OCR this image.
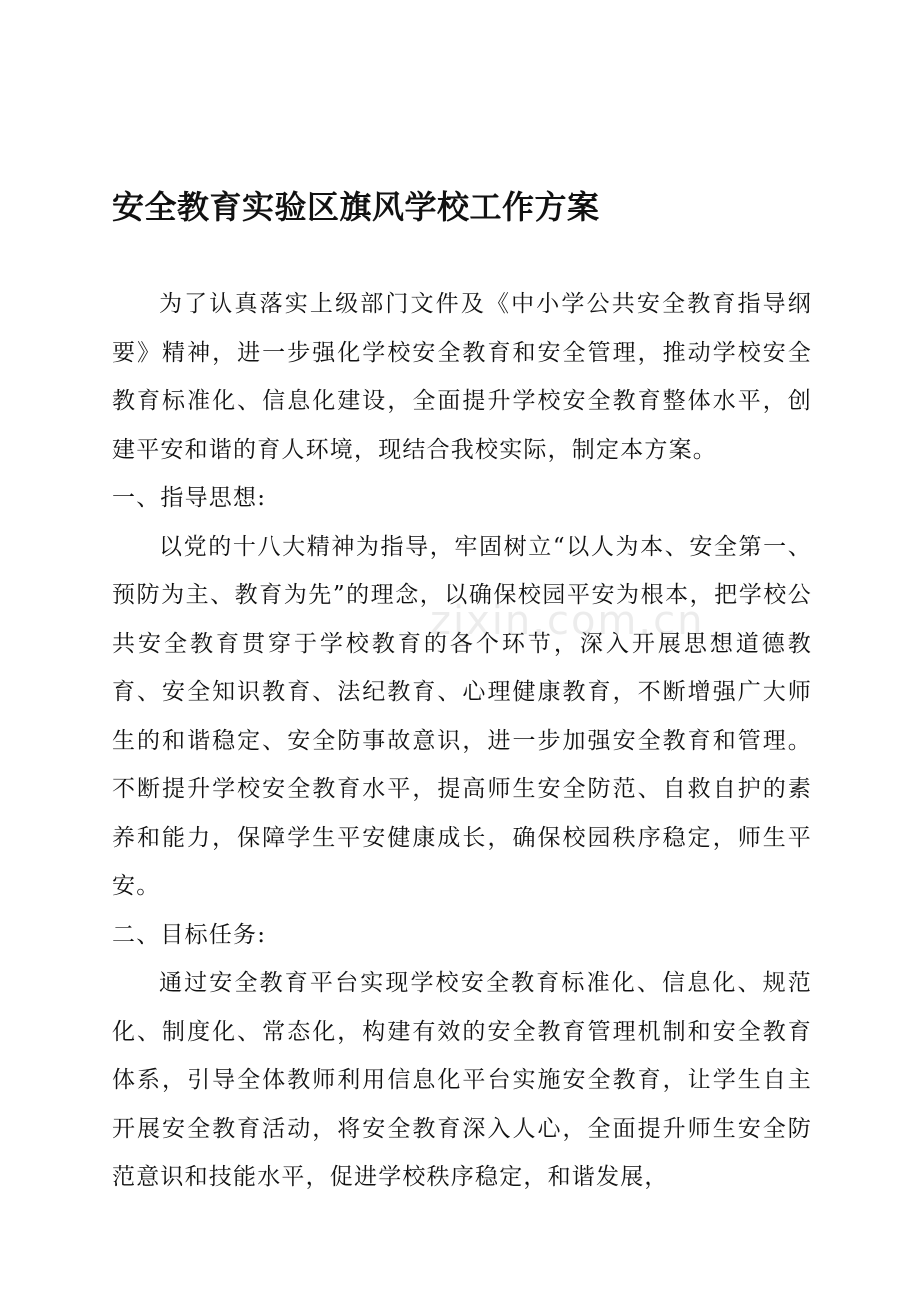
安全教育实验区旗风学校工作方案

为了认真落实上级部门文件及《中小学公共安全教育指导纲要》精神，进一步强化学校安全教育和安全管理，推动学校安全教育标准化、信息化建设，全面提升学校安全教育整体水平，创建平安和谐的育人环境，现结合我校实际，制定本方案。

一、指导思想:

以党的十八大精神为指导，牢固树立“以人为本、安全第一、预防为主、教育为先”的理念，以确保校园平安为根本，把学校公共安全教育贯穿于学校教育的各个环节，深入开展思想道德教育、安全知识教育、法纪教育、心理健康教育，不断增强广大师生的和谐稳定、安全防事故意识，进一步加强安全教育和管理。不断提升学校安全教育水平，提高师生安全防范、自救自护的素养和能力，保障学生平安健康成长，确保校园秩序稳定，师生平安。

二、目标任务:

通过安全教育平台实现学校安全教育标准化、信息化、规范化、制度化、常态化，构建有效的安全教育管理机制和安全教育体系，引导全体教师利用信息化平台实施安全教育，让学生自主开展安全教育活动，将安全教育深入人心，全面提升师生安全防范意识和技能水平，促进学校秩序稳定，和谐发展，

zixin.com.cn
